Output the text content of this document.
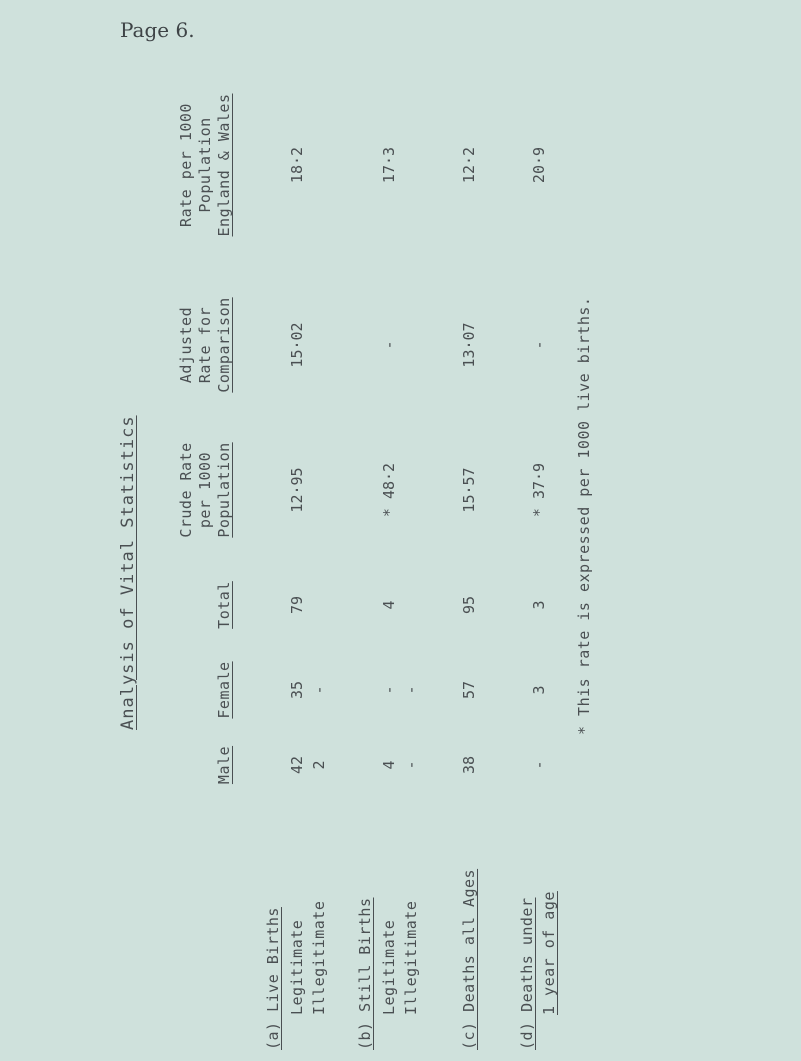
Page 6.
Analysis of Vital Statistics
Male
Female
Total
Crude Rate per 1000 Population
Adjusted Rate for Comparison
Rate per 1000 Population England & Wales
(a) Live Births Legitimate Illegitimate
42 2
35 -
79
12·95
15·02
18·2
(b) Still Births Legitimate Illegitimate
4 -
- -
4
* 48·2
-
17·3
(c) Deaths all Ages
38
57
95
15·57
13·07
12·2
(d) Deaths under 1 year of age
-
3
3
* 37·9
-
20·9
* This rate is expressed per 1000 live births.
